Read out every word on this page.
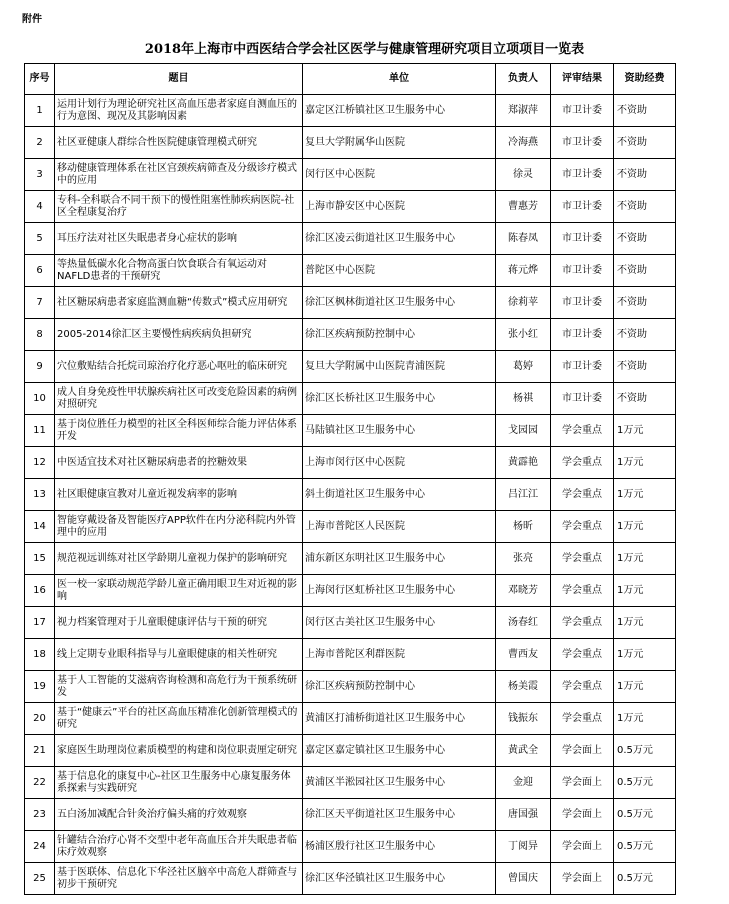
附件
2018年上海市中西医结合学会社区医学与健康管理研究项目立项项目一览表
序号	题目	单位	负责人	评审结果	资助经费
1	运用计划行为理论研究社区高血压患者家庭自测血压的行为意图、现况及其影响因素	嘉定区江桥镇社区卫生服务中心	郑淑萍	市卫计委	不资助
2	社区亚健康人群综合性医院健康管理模式研究	复旦大学附属华山医院	冷海燕	市卫计委	不资助
3	移动健康管理体系在社区宫颈疾病筛查及分级诊疗模式中的应用	闵行区中心医院	徐灵	市卫计委	不资助
4	专科-全科联合不同干预下的慢性阻塞性肺疾病医院-社区全程康复治疗	上海市静安区中心医院	曹惠芳	市卫计委	不资助
5	耳压疗法对社区失眠患者身心症状的影响	徐汇区凌云街道社区卫生服务中心	陈春凤	市卫计委	不资助
6	等热量低碳水化合物高蛋白饮食联合有氧运动对NAFLD患者的干预研究	普陀区中心医院	蒋元烨	市卫计委	不资助
7	社区糖尿病患者家庭监测血糖“传数式”模式应用研究	徐汇区枫林街道社区卫生服务中心	徐莉苹	市卫计委	不资助
8	2005-2014徐汇区主要慢性病疾病负担研究	徐汇区疾病预防控制中心	张小红	市卫计委	不资助
9	穴位敷贴结合托烷司琼治疗化疗恶心呕吐的临床研究	复旦大学附属中山医院青浦医院	葛婷	市卫计委	不资助
10	成人自身免疫性甲状腺疾病社区可改变危险因素的病例对照研究	徐汇区长桥社区卫生服务中心	杨祺	市卫计委	不资助
11	基于岗位胜任力模型的社区全科医师综合能力评估体系开发	马陆镇社区卫生服务中心	戈园园	学会重点	1万元
12	中医适宜技术对社区糖尿病患者的控糖效果	上海市闵行区中心医院	黄霹艳	学会重点	1万元
13	社区眼健康宣教对儿童近视发病率的影响	斜土街道社区卫生服务中心	吕江江	学会重点	1万元
14	智能穿戴设备及智能医疗APP软件在内分泌科院内外管理中的应用	上海市普陀区人民医院	杨昕	学会重点	1万元
15	规范视远训练对社区学龄期儿童视力保护的影响研究	浦东新区东明社区卫生服务中心	张亮	学会重点	1万元
16	医一校一家联动规范学龄儿童正确用眼卫生对近视的影响	上海闵行区虹桥社区卫生服务中心	邓晓芳	学会重点	1万元
17	视力档案管理对于儿童眼健康评估与干预的研究	闵行区古美社区卫生服务中心	汤春红	学会重点	1万元
18	线上定期专业眼科指导与儿童眼健康的相关性研究	上海市普陀区利群医院	曹西友	学会重点	1万元
19	基于人工智能的艾滋病咨询检测和高危行为干预系统研发	徐汇区疾病预防控制中心	杨美霞	学会重点	1万元
20	基于“健康云”平台的社区高血压精准化创新管理模式的研究	黄浦区打浦桥街道社区卫生服务中心	钱振东	学会重点	1万元
21	家庭医生助理岗位素质模型的构建和岗位职责厘定研究	嘉定区嘉定镇社区卫生服务中心	黄武全	学会面上	0.5万元
22	基于信息化的康复中心-社区卫生服务中心康复服务体系探索与实践研究	黄浦区半淞园社区卫生服务中心	金迎	学会面上	0.5万元
23	五白汤加减配合针灸治疗偏头痛的疗效观察	徐汇区天平街道社区卫生服务中心	唐国强	学会面上	0.5万元
24	针罐结合治疗心肾不交型中老年高血压合并失眠患者临床疗效观察	杨浦区殷行社区卫生服务中心	丁阅异	学会面上	0.5万元
25	基于医联体、信息化下华泾社区脑卒中高危人群筛查与初步干预研究	徐汇区华泾镇社区卫生服务中心	曾国庆	学会面上	0.5万元
